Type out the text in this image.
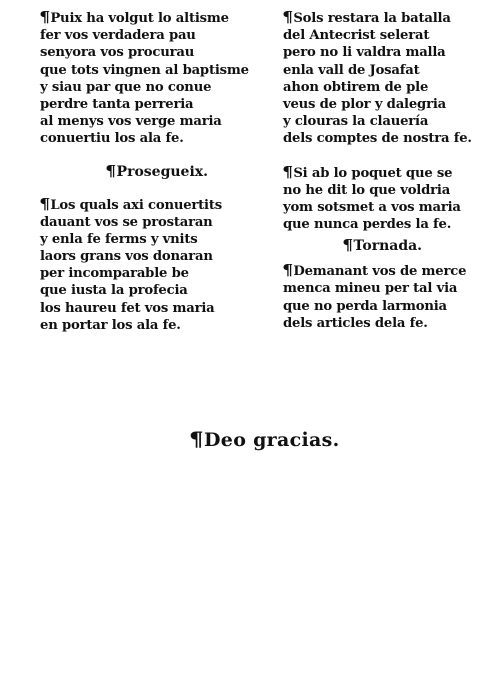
¶Puix ha volgut lo altisme
fer vos verdadera pau
senyora vos procurau
que tots vingnen al baptisme
y siau par que no conue
perdre tanta perreria
al menys vos verge maria
conuertiu los ala fe.
¶Prosegueix.
¶Los quals axi conuertits
dauant vos se prostaran
y enla fe ferms y vnits
laors grans vos donaran
per incomparable be
que iusta la profecia
los haureu fet vos maria
en portar los ala fe.
¶Sols restara la batalla
del Antecrist selerat
pero no li valdra malla
enla vall de Josafat
ahon obtirem de ple
veus de plor y dalegria
y clouras la clauería
dels comptes de nostra fe.
¶Si ab lo poquet que se
no he dit lo que voldria
yom sotsmet a vos maria
que nunca perdes la fe.
¶Tornada.
¶Demanant vos de merce
menca mineu per tal via
que no perda larmonia
dels articles dela fe.
¶Deo gracias.
